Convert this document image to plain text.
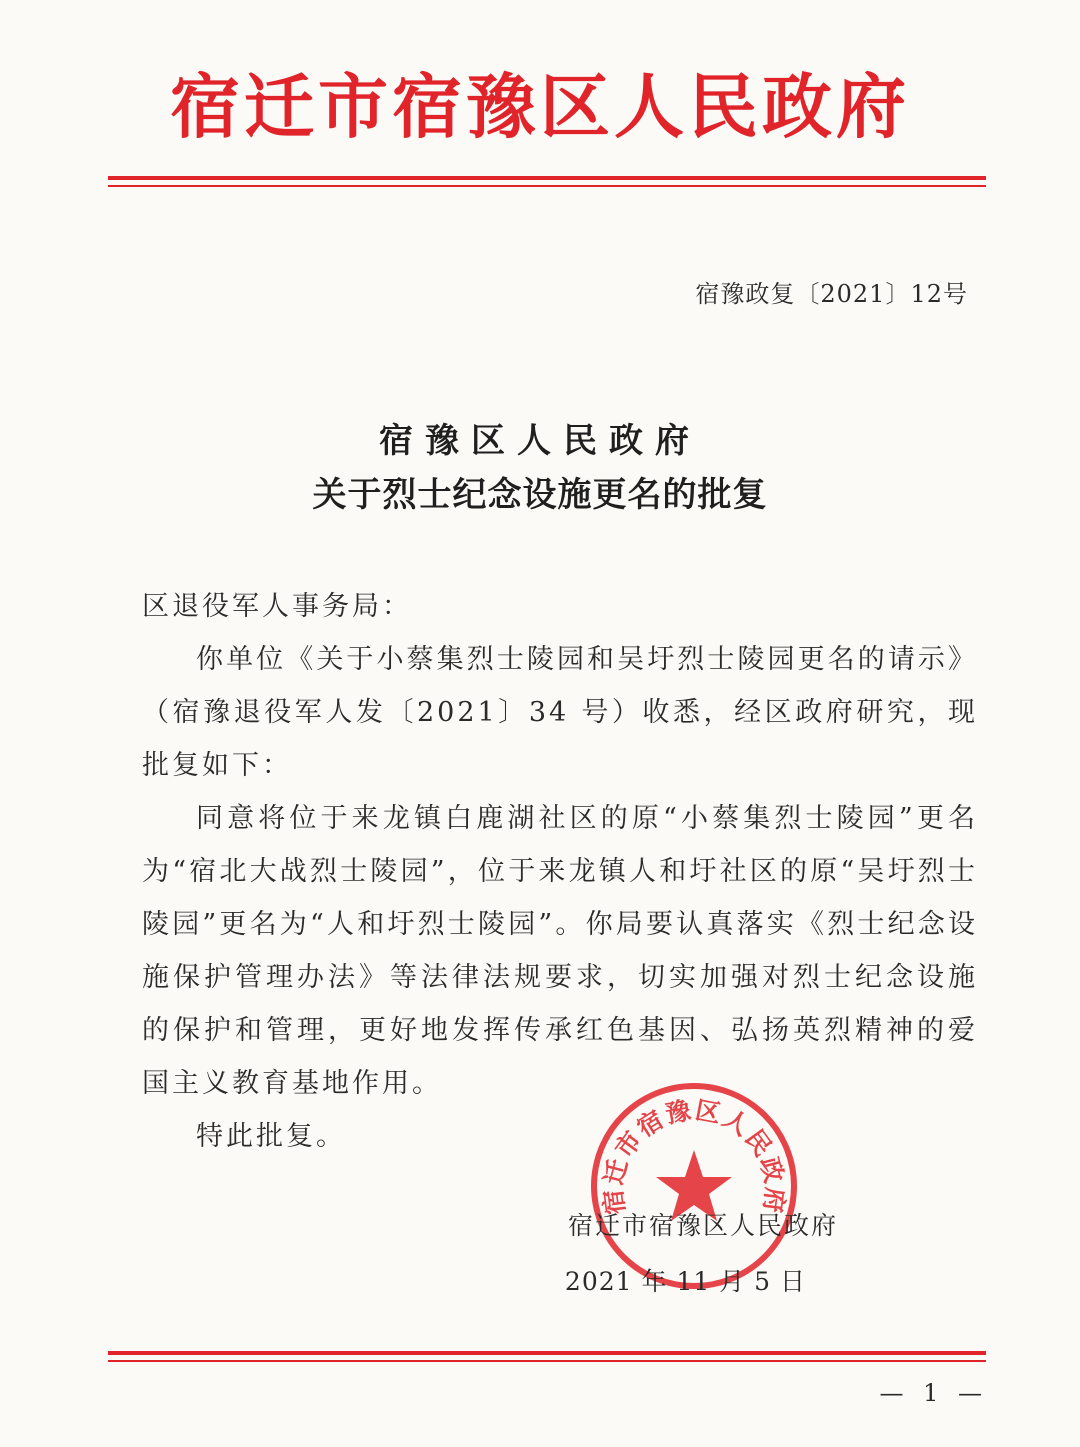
宿迁市宿豫区人民政府
宿豫政复〔2021〕12号
宿豫区人民政府
关于烈士纪念设施更名的批复

区退役军人事务局：

你单位《关于小蔡集烈士陵园和吴圩烈士陵园更名的请示》（宿豫退役军人发〔2021〕34 号）收悉，经区政府研究，现批复如下：

同意将位于来龙镇白鹿湖社区的原“小蔡集烈士陵园”更名为“宿北大战烈士陵园”，位于来龙镇人和圩社区的原“吴圩烈士陵园”更名为“人和圩烈士陵园”。你局要认真落实《烈士纪念设施保护管理办法》等法律法规要求，切实加强对烈士纪念设施的保护和管理，更好地发挥传承红色基因、弘扬英烈精神的爱国主义教育基地作用。

特此批复。

宿迁市宿豫区人民政府
宿迁市宿豫区人民政府
2021 年 11 月 5 日
— 1 —
